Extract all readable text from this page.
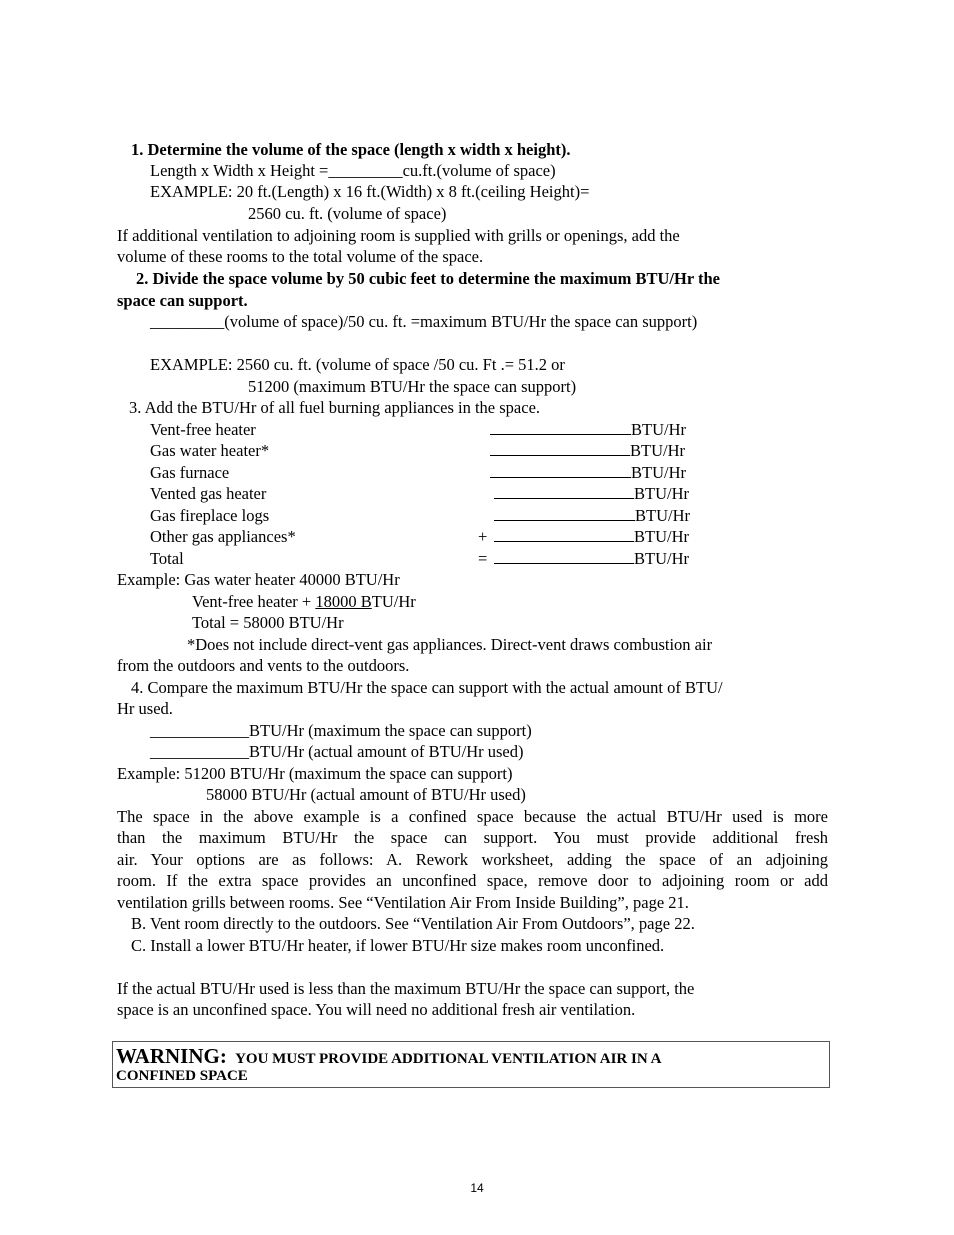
1. Determine the volume of the space (length x width x height).
Length x Width x Height =_________cu.ft.(volume of space)
EXAMPLE: 20 ft.(Length) x 16 ft.(Width) x 8 ft.(ceiling Height)=
2560 cu. ft. (volume of space)
If additional ventilation to adjoining room is supplied with grills or openings, add the
volume of these rooms to the total volume of the space.
2. Divide the space volume by 50 cubic feet to determine the maximum BTU/Hr the
space can support.
_________(volume of space)/50 cu. ft. =maximum BTU/Hr the space can support)
EXAMPLE: 2560 cu. ft. (volume of space /50 cu. Ft .= 51.2 or
51200 (maximum BTU/Hr the space can support)
3. Add the BTU/Hr of all fuel burning appliances in the space.
Vent-free heater	BTU/Hr
Gas water heater*	BTU/Hr
Gas furnace	BTU/Hr
Vented gas heater	BTU/Hr
Gas fireplace logs	BTU/Hr
Other gas appliances*	+	BTU/Hr
Total	=	BTU/Hr
Example: Gas water heater 40000 BTU/Hr
Vent-free heater + 18000 BTU/Hr
Total = 58000 BTU/Hr
*Does not include direct-vent gas appliances. Direct-vent draws combustion air
from the outdoors and vents to the outdoors.
4. Compare the maximum BTU/Hr the space can support with the actual amount of BTU/
Hr used.
____________BTU/Hr (maximum the space can support)
____________BTU/Hr (actual amount of BTU/Hr used)
Example: 51200 BTU/Hr (maximum the space can support)
58000 BTU/Hr (actual amount of BTU/Hr used)
The space in the above example is a confined space because the actual BTU/Hr used is more
than the maximum BTU/Hr the space can support. You must provide additional fresh
air. Your options are as follows: A. Rework worksheet, adding the space of an adjoining
room. If the extra space provides an unconfined space, remove door to adjoining room or add
ventilation grills between rooms. See “Ventilation Air From Inside Building”, page 21.
B. Vent room directly to the outdoors. See “Ventilation Air From Outdoors”, page 22.
C. Install a lower BTU/Hr heater, if lower BTU/Hr size makes room unconfined.
If the actual BTU/Hr used is less than the maximum BTU/Hr the space can support, the
space is an unconfined space. You will need no additional fresh air ventilation.
WARNING: YOU MUST PROVIDE ADDITIONAL VENTILATION AIR IN A
CONFINED SPACE
14
